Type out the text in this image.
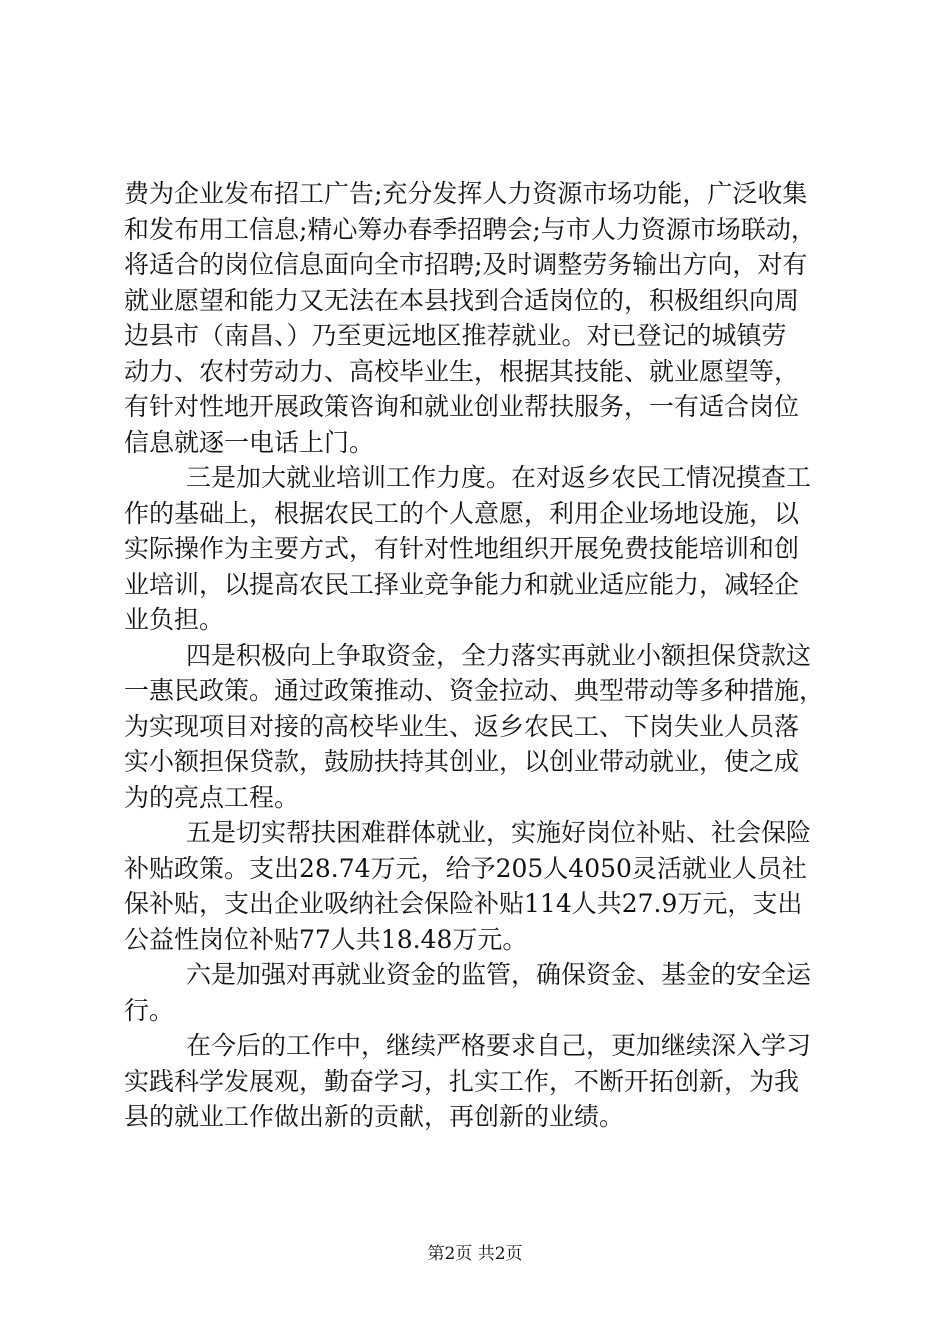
费为企业发布招工广告;充分发挥人力资源市场功能，广泛收集
和发布用工信息;精心筹办春季招聘会;与市人力资源市场联动，
将适合的岗位信息面向全市招聘;及时调整劳务输出方向，对有
就业愿望和能力又无法在本县找到合适岗位的，积极组织向周
边县市（南昌、）乃至更远地区推荐就业。对已登记的城镇劳
动力、农村劳动力、高校毕业生，根据其技能、就业愿望等，
有针对性地开展政策咨询和就业创业帮扶服务，一有适合岗位
信息就逐一电话上门。
三是加大就业培训工作力度。在对返乡农民工情况摸查工
作的基础上，根据农民工的个人意愿，利用企业场地设施，以
实际操作为主要方式，有针对性地组织开展免费技能培训和创
业培训，以提高农民工择业竞争能力和就业适应能力，减轻企
业负担。
四是积极向上争取资金，全力落实再就业小额担保贷款这
一惠民政策。通过政策推动、资金拉动、典型带动等多种措施，
为实现项目对接的高校毕业生、返乡农民工、下岗失业人员落
实小额担保贷款，鼓励扶持其创业，以创业带动就业，使之成
为的亮点工程。
五是切实帮扶困难群体就业，实施好岗位补贴、社会保险
补贴政策。支出28.74万元，给予205人4050灵活就业人员社
保补贴，支出企业吸纳社会保险补贴114人共27.9万元，支出
公益性岗位补贴77人共18.48万元。
六是加强对再就业资金的监管，确保资金、基金的安全运
行。
在今后的工作中，继续严格要求自己，更加继续深入学习
实践科学发展观，勤奋学习，扎实工作，不断开拓创新，为我
县的就业工作做出新的贡献，再创新的业绩。
第2页 共2页
